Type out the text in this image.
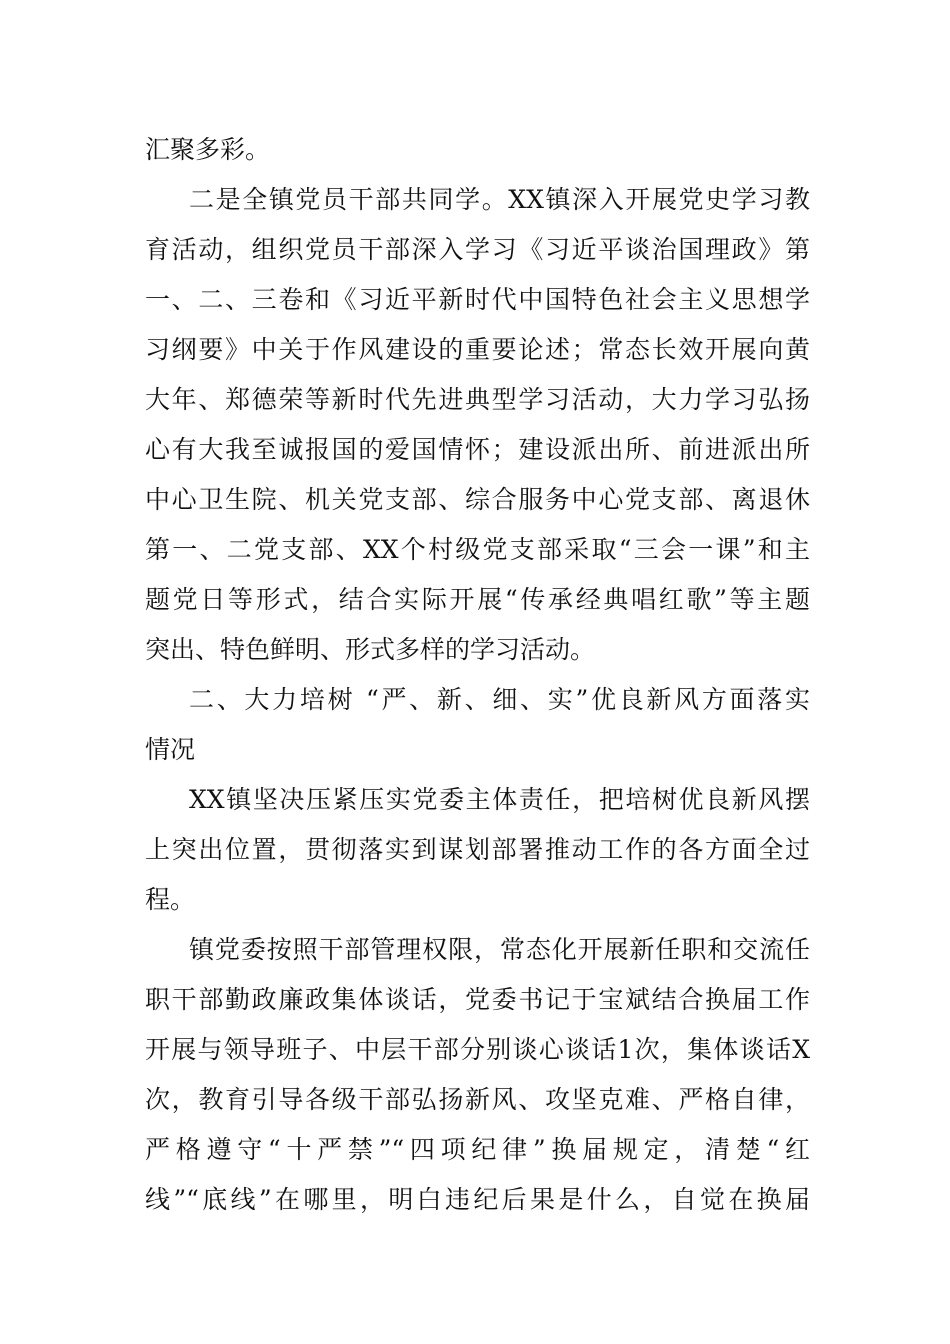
汇聚多彩。
二是全镇党员干部共同学。XX镇深入开展党史学习教
育活动，组织党员干部深入学习《习近平谈治国理政》第
一、二、三卷和《习近平新时代中国特色社会主义思想学
习纲要》中关于作风建设的重要论述；常态长效开展向黄
大年、郑德荣等新时代先进典型学习活动，大力学习弘扬
心有大我至诚报国的爱国情怀；建设派出所、前进派出所
中心卫生院、机关党支部、综合服务中心党支部、离退休
第一、二党支部、XX个村级党支部采取“三会一课”和主
题党日等形式，结合实际开展“传承经典唱红歌”等主题
突出、特色鲜明、形式多样的学习活动。
二、大力培树 “严、新、细、实”优良新风方面落实
情况
XX镇坚决压紧压实党委主体责任，把培树优良新风摆
上突出位置，贯彻落实到谋划部署推动工作的各方面全过
程。
镇党委按照干部管理权限，常态化开展新任职和交流任
职干部勤政廉政集体谈话，党委书记于宝斌结合换届工作
开展与领导班子、中层干部分别谈心谈话1次，集体谈话X
次，教育引导各级干部弘扬新风、攻坚克难、严格自律，
严格遵守“十严禁”“四项纪律”换届规定，清楚“红
线”“底线”在哪里，明白违纪后果是什么，自觉在换届
